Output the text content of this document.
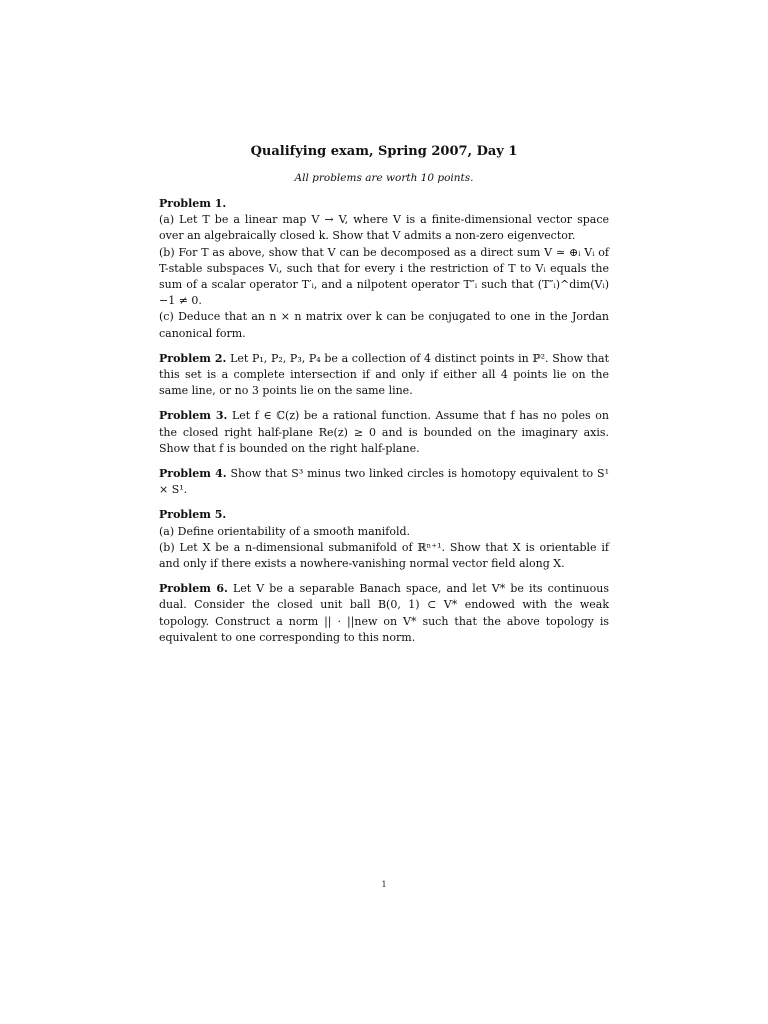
Qualifying exam, Spring 2007, Day 1
All problems are worth 10 points.
Problem 1.
(a) Let T be a linear map V → V, where V is a finite-dimensional vector space over an algebraically closed k. Show that V admits a non-zero eigenvector.
(b) For T as above, show that V can be decomposed as a direct sum V ≃ ⊕ᵢ Vᵢ of T-stable subspaces Vᵢ, such that for every i the restriction of T to Vᵢ equals the sum of a scalar operator T′ᵢ, and a nilpotent operator T″ᵢ such that (T″ᵢ)^dim(Vᵢ)−1 ≠ 0.
(c) Deduce that an n × n matrix over k can be conjugated to one in the Jordan canonical form.
Problem 2. Let P₁, P₂, P₃, P₄ be a collection of 4 distinct points in ℙ². Show that this set is a complete intersection if and only if either all 4 points lie on the same line, or no 3 points lie on the same line.
Problem 3. Let f ∈ ℂ(z) be a rational function. Assume that f has no poles on the closed right half-plane Re(z) ≥ 0 and is bounded on the imaginary axis. Show that f is bounded on the right half-plane.
Problem 4. Show that S³ minus two linked circles is homotopy equivalent to S¹ × S¹.
Problem 5.
(a) Define orientability of a smooth manifold.
(b) Let X be a n-dimensional submanifold of ℝⁿ⁺¹. Show that X is orientable if and only if there exists a nowhere-vanishing normal vector field along X.
Problem 6. Let V be a separable Banach space, and let V* be its continuous dual. Consider the closed unit ball B(0, 1) ⊂ V* endowed with the weak topology. Construct a norm || · ||new on V* such that the above topology is equivalent to one corresponding to this norm.
1
